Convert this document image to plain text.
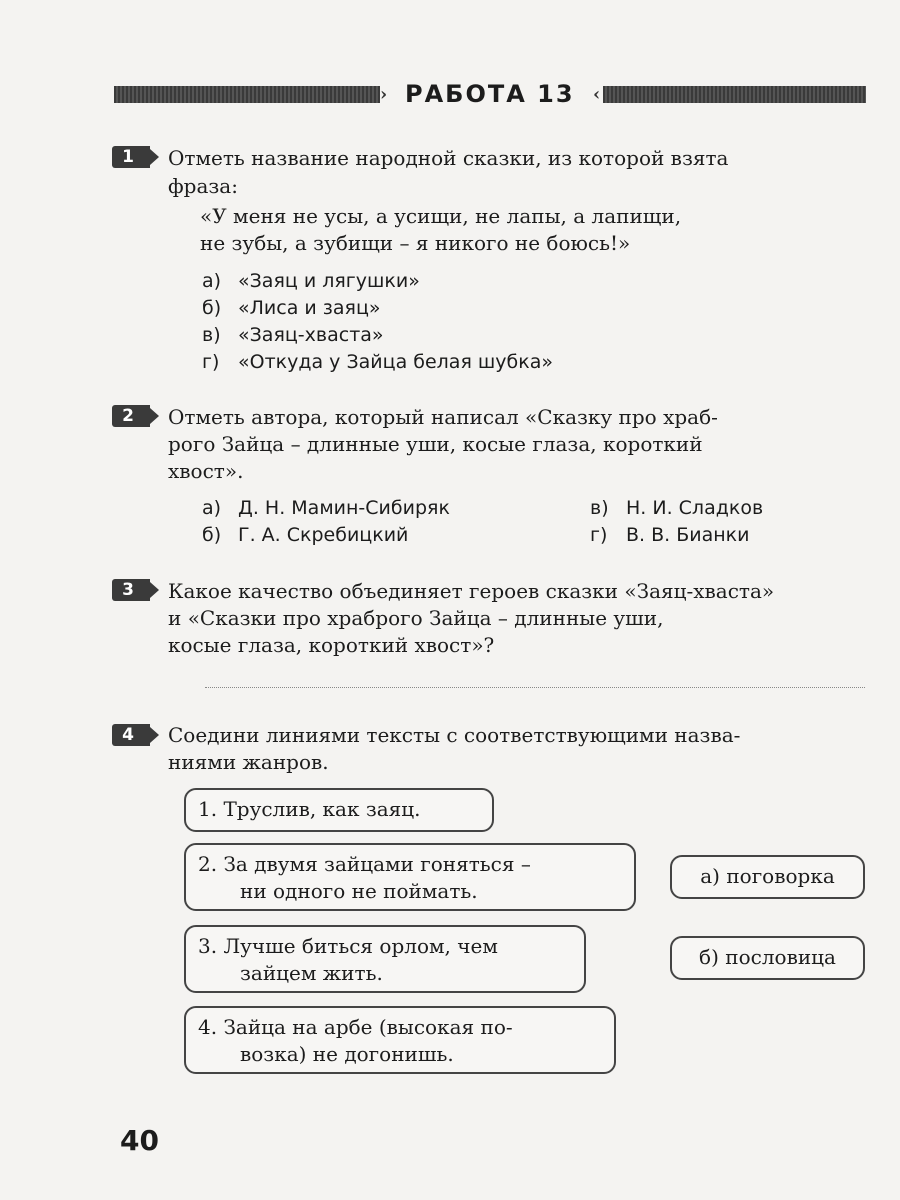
› РАБОТА 13 ‹
1 Отметь название народной сказки, из которой взята
фраза:
«У меня не усы, а усищи, не лапы, а лапищи,
не зубы, а зубищи – я никого не боюсь!»
а) «Заяц и лягушки»
б) «Лиса и заяц»
в) «Заяц-хваста»
г) «Откуда у Зайца белая шубка»
2 Отметь автора, который написал «Сказку про храб-
рого Зайца – длинные уши, косые глаза, короткий
хвост».
а) Д. Н. Мамин-Сибиряк
б) Г. А. Скребицкий
в) Н. И. Сладков
г) В. В. Бианки
3 Какое качество объединяет героев сказки «Заяц-хваста»
и «Сказки про храброго Зайца – длинные уши,
косые глаза, короткий хвост»?
4 Соедини линиями тексты с соответствующими назва-
ниями жанров.
1. Труслив, как заяц.
2. За двумя зайцами гоняться –
ни одного не поймать.
3. Лучше биться орлом, чем
зайцем жить.
4. Зайца на арбе (высокая по-
возка) не догонишь.
а) поговорка
б) пословица
40
